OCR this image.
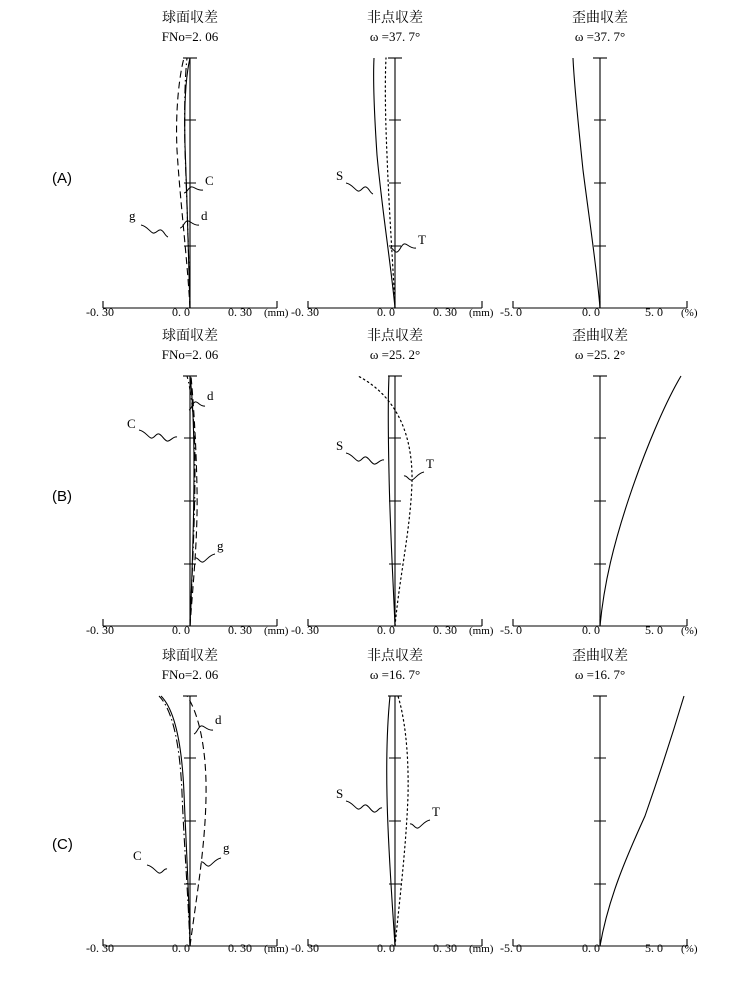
(A)
(B)
(C)
球面収差
FNo=2. 06
C
d
g
-0. 30	0. 0	0. 30 (mm)
非点収差
ω =37. 7°
S
T
-0. 30	0. 0	0. 30 (mm)
歪曲収差
ω =37. 7°
-5. 0	0. 0	5. 0 (%)
球面収差
FNo=2. 06
d
C
g
-0. 30	0. 0	0. 30 (mm)
非点収差
ω =25. 2°
S
T
-0. 30	0. 0	0. 30 (mm)
歪曲収差
ω =25. 2°
-5. 0	0. 0	5. 0 (%)
球面収差
FNo=2. 06
d
C
g
-0. 30	0. 0	0. 30 (mm)
非点収差
ω =16. 7°
S
T
-0. 30	0. 0	0. 30 (mm)
歪曲収差
ω =16. 7°
-5. 0	0. 0	5. 0 (%)
